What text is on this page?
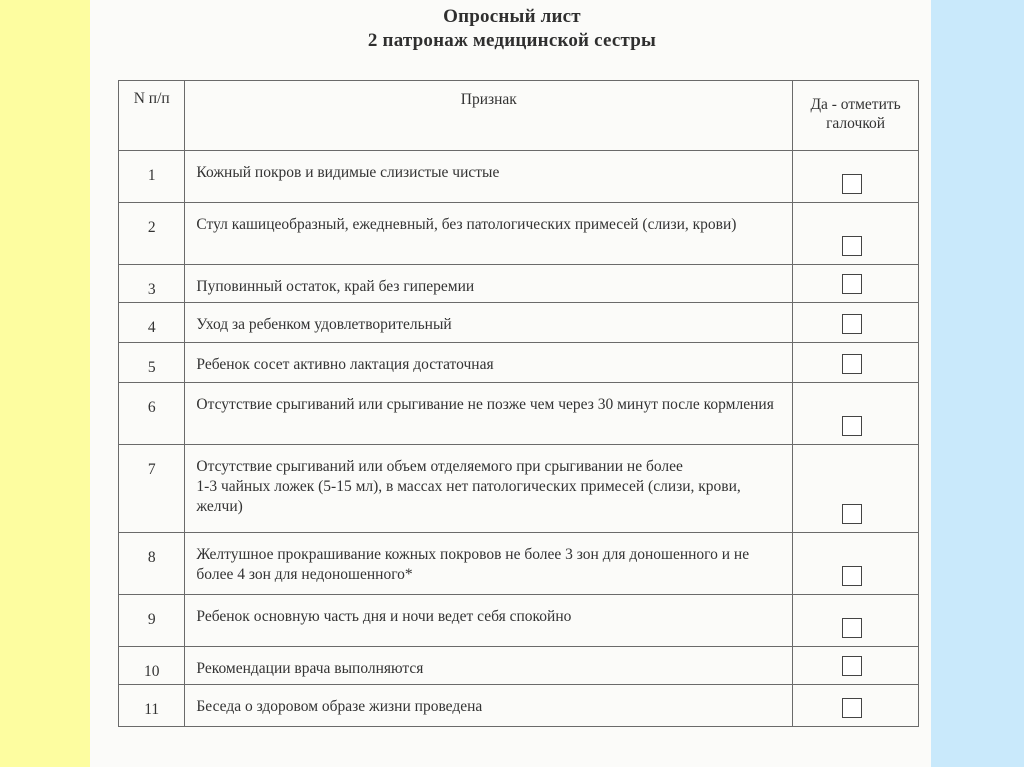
Опросный лист
2 патронаж медицинской сестры
N п/п	Признак	Да - отметить галочкой
1	Кожный покров и видимые слизистые чистые	

2	Стул кашицеобразный, ежедневный, без патологических примесей (слизи, крови)	

3	Пуповинный остаток, край без гиперемии	

4	Уход за ребенком удовлетворительный	

5	Ребенок сосет активно лактация достаточная	

6	Отсутствие срыгиваний или срыгивание не позже чем через 30 минут после кормления	

7	Отсутствие срыгиваний или объем отделяемого при срыгивании не более
1-3 чайных ложек (5-15 мл), в массах нет патологических примесей (слизи, крови, желчи)	

8	Желтушное прокрашивание кожных покровов не более 3 зон для доношенного и не более 4 зон для недоношенного*	

9	Ребенок основную часть дня и ночи ведет себя спокойно	

10	Рекомендации врача выполняются	

11	Беседа о здоровом образе жизни проведена	
